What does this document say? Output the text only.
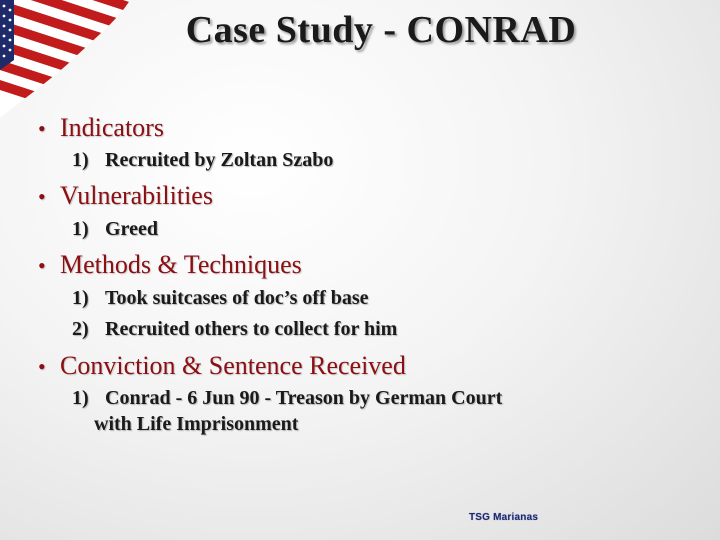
Case Study - CONRAD
• Indicators
1) Recruited by Zoltan Szabo
• Vulnerabilities
1) Greed
• Methods & Techniques
1) Took suitcases of doc’s off base
2) Recruited others to collect for him
• Conviction & Sentence Received
1) Conrad - 6 Jun 90 - Treason by German Court
with Life Imprisonment
TSG Marianas
